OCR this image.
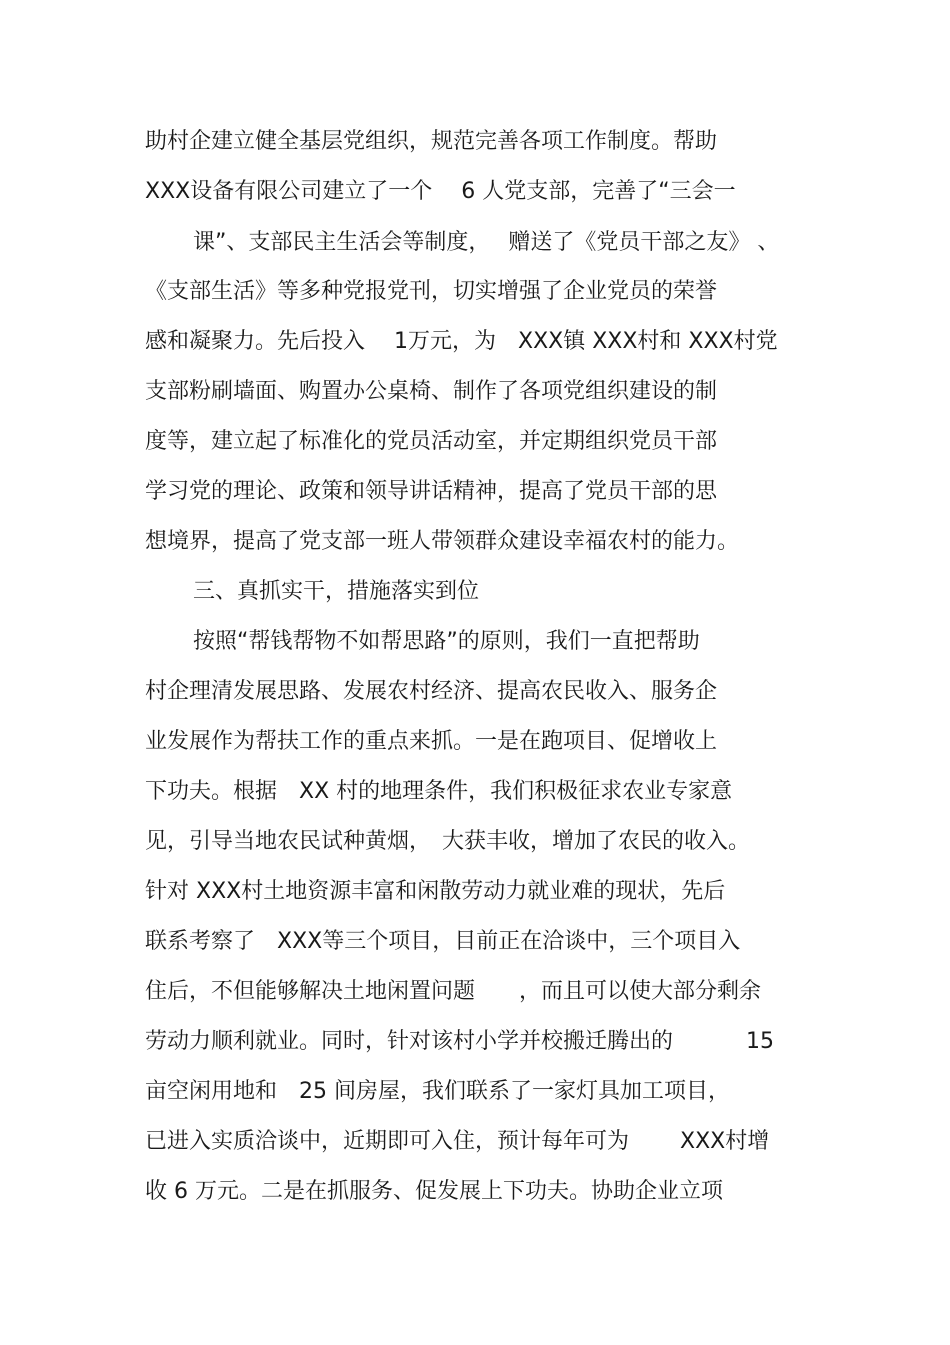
助村企建立健全基层党组织，规范完善各项工作制度。帮助
XXX设备有限公司建立了一个　 6 人党支部，完善了“三会一
课”、支部民主生活会等制度，　 赠送了《党员干部之友》 、
《支部生活》等多种党报党刊，切实增强了企业党员的荣誉
感和凝聚力。先后投入　 1万元，为　XXX镇 XXX村和 XXX村党
支部粉刷墙面、购置办公桌椅、制作了各项党组织建设的制
度等，建立起了标准化的党员活动室，并定期组织党员干部
学习党的理论、政策和领导讲话精神，提高了党员干部的思
想境界，提高了党支部一班人带领群众建设幸福农村的能力。
三、真抓实干，措施落实到位
按照“帮钱帮物不如帮思路”的原则，我们一直把帮助
村企理清发展思路、发展农村经济、提高农民收入、服务企
业发展作为帮扶工作的重点来抓。一是在跑项目、促增收上
下功夫。根据　XX 村的地理条件，我们积极征求农业专家意
见，引导当地农民试种黄烟，　大获丰收，增加了农民的收入。
针对 XXX村土地资源丰富和闲散劳动力就业难的现状，先后
联系考察了　XXX等三个项目，目前正在洽谈中，三个项目入
住后，不但能够解决土地闲置问题　　，而且可以使大部分剩余
劳动力顺利就业。同时，针对该村小学并校搬迁腾出的　　　 15
亩空闲用地和　25 间房屋，我们联系了一家灯具加工项目，
已进入实质洽谈中，近期即可入住，预计每年可为　　 XXX村增
收 6 万元。二是在抓服务、促发展上下功夫。协助企业立项
